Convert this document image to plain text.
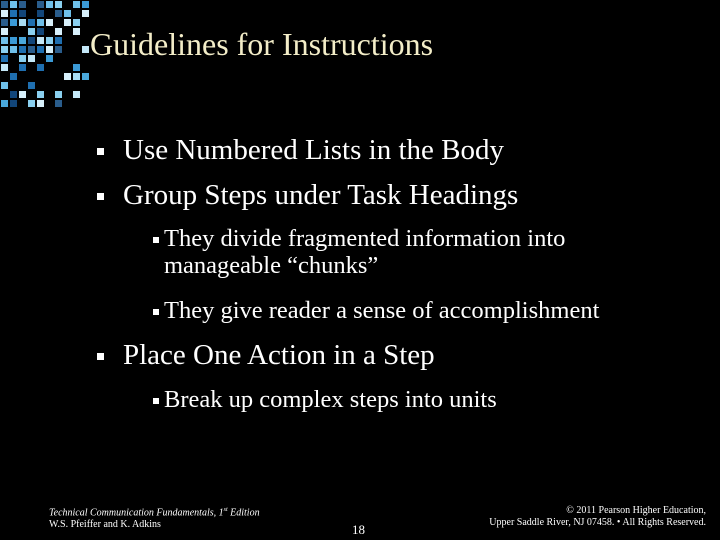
Guidelines for Instructions
Use Numbered Lists in the Body
Group Steps under Task Headings
They divide fragmented information into
manageable “chunks”
They give reader a sense of accomplishment
Place One Action in a Step
Break up complex steps into units
Technical Communication Fundamentals, 1st Edition
W.S. Pfeiffer and K. Adkins	18
© 2011 Pearson Higher Education,
Upper Saddle River, NJ 07458. • All Rights Reserved.
